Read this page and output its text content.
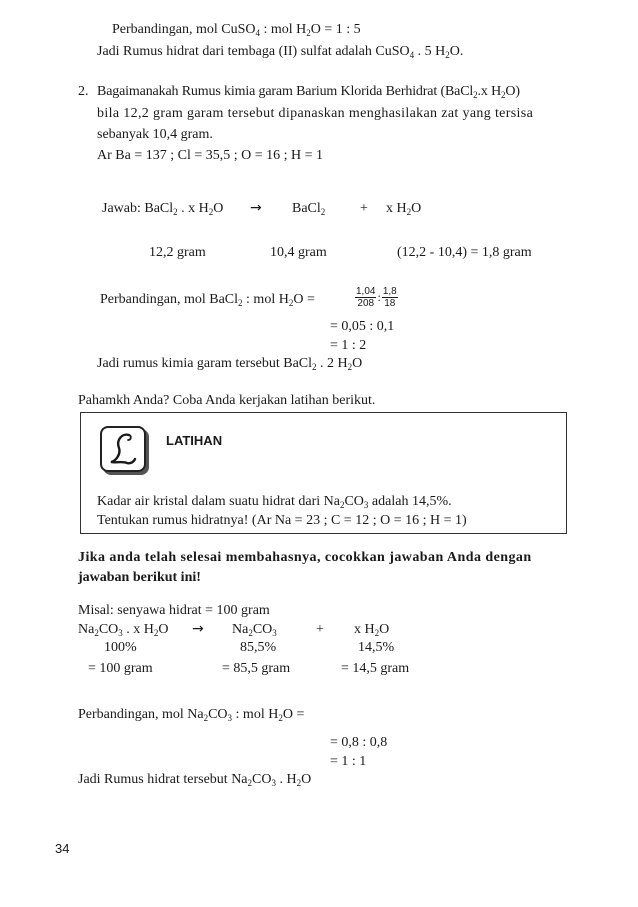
Perbandingan, mol CuSO$_4$ : mol $H_2O = 1$ : 5
Jadi Rumus hidrat dari tembaga (II) sulfat adalah CuSO$_4$ . 5 $H_2O$.
2. Bagaimanakah Rumus kimia garam Barium Klorida Berhidrat (BaCl$_2$.x $H_2O$)
bila 12,2 gram garam tersebut dipanaskan menghasilakan zat yang tersisa
sebanyak 10,4 gram.
Ar Ba = 137 ; Cl = 35,5 ; O = 16 ; H = 1
Jawab: BaCl$_2$ . x $H_2O$ → BaCl$_2$ + x $H_2O$
12,2 gram	10,4 gram	(12,2 - 10,4) = 1,8 gram
Perbandingan, mol BaCl$_2$ : mol $H_2O$ =	$\frac{1,04}{208}$ : $\frac{1,8}{18}$
= 0,05 : 0,1
= 1 : 2
Jadi rumus kimia garam tersebut BaCl$_2$ . 2 $H_2O$
Pahamkh Anda? Coba Anda kerjakan latihan berikut.
LATIHAN
Kadar air kristal dalam suatu hidrat dari $Na_2CO_3$ adalah 14,5%.
Tentukan rumus hidratnya! (Ar Na = 23 ; C = 12 ; O = 16 ; H = 1)
Jika anda telah selesai membahasnya, cocokkan jawaban Anda dengan
jawaban berikut ini!
Misal: senyawa hidrat = 100 gram
$Na_2CO_3$ . x $H_2O \to Na_2CO_3$	+ x $H_2O$
100%	85,5%	14,5%
= 100 gram	= 85,5 gram	= 14,5 gram
Perbandingan, mol $Na_2CO_3$ : mol $H_2O$ =
= 0,8 : 0,8
= 1 : 1
Jadi Rumus hidrat tersebut $Na_2CO_3$ . $H_2O$
34
